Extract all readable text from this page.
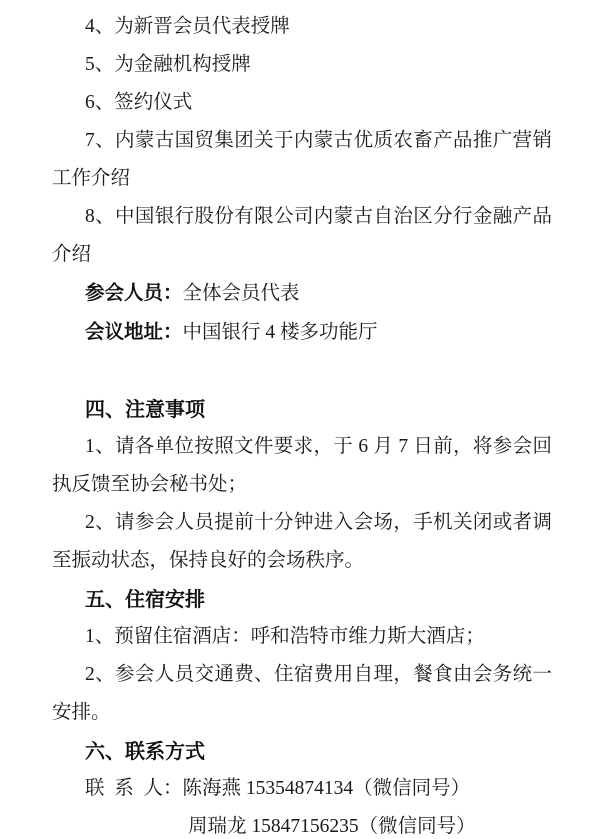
4、为新晋会员代表授牌
5、为金融机构授牌
6、签约仪式
7、内蒙古国贸集团关于内蒙古优质农畜产品推广营销
工作介绍
8、中国银行股份有限公司内蒙古自治区分行金融产品
介绍
参会人员：全体会员代表
会议地址：中国银行 4 楼多功能厅
四、注意事项
1、请各单位按照文件要求，于 6 月 7 日前，将参会回
执反馈至协会秘书处；
2、请参会人员提前十分钟进入会场，手机关闭或者调
至振动状态，保持良好的会场秩序。
五、住宿安排
1、预留住宿酒店：呼和浩特市维力斯大酒店；
2、参会人员交通费、住宿费用自理，餐食由会务统一
安排。
六、联系方式
联 系 人：陈海燕 15354874134（微信同号）
周瑞龙 15847156235（微信同号）
